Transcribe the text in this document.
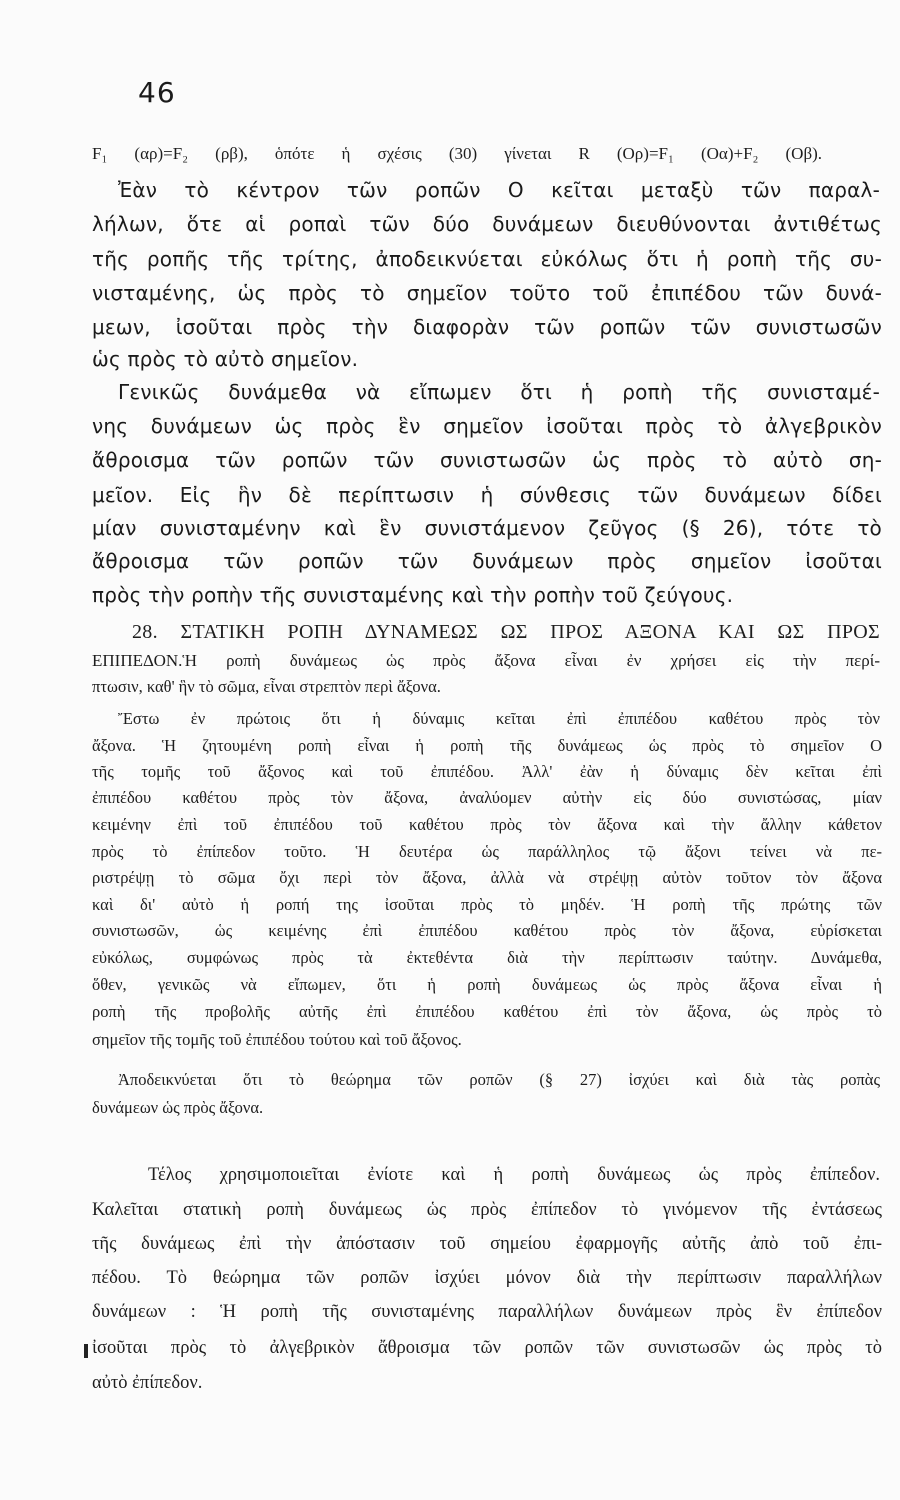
46
F₁ (αρ)=F₂ (ρβ), ὁπότε ἡ σχέσις (30) γίνεται R (Oρ)=F₁ (Oα)+F₂ (Oβ).
Ἐὰν τὸ κέντρον τῶν ροπῶν O κεῖται μεταξὺ τῶν παραλ-
λήλων, ὅτε αἱ ροπαὶ τῶν δύο δυνάμεων διευθύνονται ἀντιθέτως
τῆς ροπῆς τῆς τρίτης, ἀποδεικνύεται εὐκόλως ὅτι ἡ ροπὴ τῆς συ-
νισταμένης, ὡς πρὸς τὸ σημεῖον τοῦτο τοῦ ἐπιπέδου τῶν δυνά-
μεων, ἰσοῦται πρὸς τὴν διαφορὰν τῶν ροπῶν τῶν συνιστωσῶν
ὡς πρὸς τὸ αὐτὸ σημεῖον.
Γενικῶς δυνάμεθα νὰ εἴπωμεν ὅτι ἡ ροπὴ τῆς συνισταμέ-
νης δυνάμεων ὡς πρὸς ἓν σημεῖον ἰσοῦται πρὸς τὸ ἀλγεβρικὸν
ἄθροισμα τῶν ροπῶν τῶν συνιστωσῶν ὡς πρὸς τὸ αὐτὸ ση-
μεῖον. Εἰς ἣν δὲ περίπτωσιν ἡ σύνθεσις τῶν δυνάμεων δίδει
μίαν συνισταμένην καὶ ἓν συνιστάμενον ζεῦγος (§ 26), τότε τὸ
ἄθροισμα τῶν ροπῶν τῶν δυνάμεων πρὸς σημεῖον ἰσοῦται
πρὸς τὴν ροπὴν τῆς συνισταμένης καὶ τὴν ροπὴν τοῦ ζεύγους.
28. ΣΤΑΤΙΚΗ ΡΟΠΗ ΔΥΝΑΜΕΩΣ ΩΣ ΠΡΟΣ ΑΞΟΝΑ ΚΑΙ ΩΣ ΠΡΟΣ
ΕΠΙΠΕΔΟΝ.Ἡ ροπὴ δυνάμεως ὡς πρὸς ἄξονα εἶναι ἐν χρήσει εἰς τὴν περί-
πτωσιν, καθ' ἣν τὸ σῶμα, εἶναι στρεπτὸν περὶ ἄξονα.
Ἔστω ἐν πρώτοις ὅτι ἡ δύναμις κεῖται ἐπὶ ἐπιπέδου καθέτου πρὸς τὸν
ἄξονα. Ἡ ζητουμένη ροπὴ εἶναι ἡ ροπὴ τῆς δυνάμεως ὡς πρὸς τὸ σημεῖον O
τῆς τομῆς τοῦ ἄξονος καὶ τοῦ ἐπιπέδου. Ἀλλ' ἐὰν ἡ δύναμις δὲν κεῖται ἐπὶ
ἐπιπέδου καθέτου πρὸς τὸν ἄξονα, ἀναλύομεν αὐτὴν εἰς δύο συνιστώσας, μίαν
κειμένην ἐπὶ τοῦ ἐπιπέδου τοῦ καθέτου πρὸς τὸν ἄξονα καὶ τὴν ἄλλην κάθετον
πρὸς τὸ ἐπίπεδον τοῦτο. Ἡ δευτέρα ὡς παράλληλος τῷ ἄξονι τείνει νὰ πε-
ριστρέψῃ τὸ σῶμα ὄχι περὶ τὸν ἄξονα, ἀλλὰ νὰ στρέψῃ αὐτὸν τοῦτον τὸν ἄξονα
καὶ δι' αὐτὸ ἡ ροπή της ἰσοῦται πρὸς τὸ μηδέν. Ἡ ροπὴ τῆς πρώτης τῶν
συνιστωσῶν, ὡς κειμένης ἐπὶ ἐπιπέδου καθέτου πρὸς τὸν ἄξονα, εὑρίσκεται
εὐκόλως, συμφώνως πρὸς τὰ ἐκτεθέντα διὰ τὴν περίπτωσιν ταύτην. Δυνάμεθα,
ὅθεν, γενικῶς νὰ εἴπωμεν, ὅτι ἡ ροπὴ δυνάμεως ὡς πρὸς ἄξονα εἶναι ἡ
ροπὴ τῆς προβολῆς αὐτῆς ἐπὶ ἐπιπέδου καθέτου ἐπὶ τὸν ἄξονα, ὡς πρὸς τὸ
σημεῖον τῆς τομῆς τοῦ ἐπιπέδου τούτου καὶ τοῦ ἄξονος.
Ἀποδεικνύεται ὅτι τὸ θεώρημα τῶν ροπῶν (§ 27) ἰσχύει καὶ διὰ τὰς ροπὰς
δυνάμεων ὡς πρὸς ἄξονα.
Τέλος χρησιμοποιεῖται ἐνίοτε καὶ ἡ ροπὴ δυνάμεως ὡς πρὸς ἐπίπεδον.
Καλεῖται στατικὴ ροπὴ δυνάμεως ὡς πρὸς ἐπίπεδον τὸ γινόμενον τῆς ἐντάσεως
τῆς δυνάμεως ἐπὶ τὴν ἀπόστασιν τοῦ σημείου ἐφαρμογῆς αὐτῆς ἀπὸ τοῦ ἐπι-
πέδου. Τὸ θεώρημα τῶν ροπῶν ἰσχύει μόνον διὰ τὴν περίπτωσιν παραλλήλων
δυνάμεων : Ἡ ροπὴ τῆς συνισταμένης παραλλήλων δυνάμεων πρὸς ἓν ἐπίπεδον
ἰσοῦται πρὸς τὸ ἀλγεβρικὸν ἄθροισμα τῶν ροπῶν τῶν συνιστωσῶν ὡς πρὸς τὸ
αὐτὸ ἐπίπεδον.
